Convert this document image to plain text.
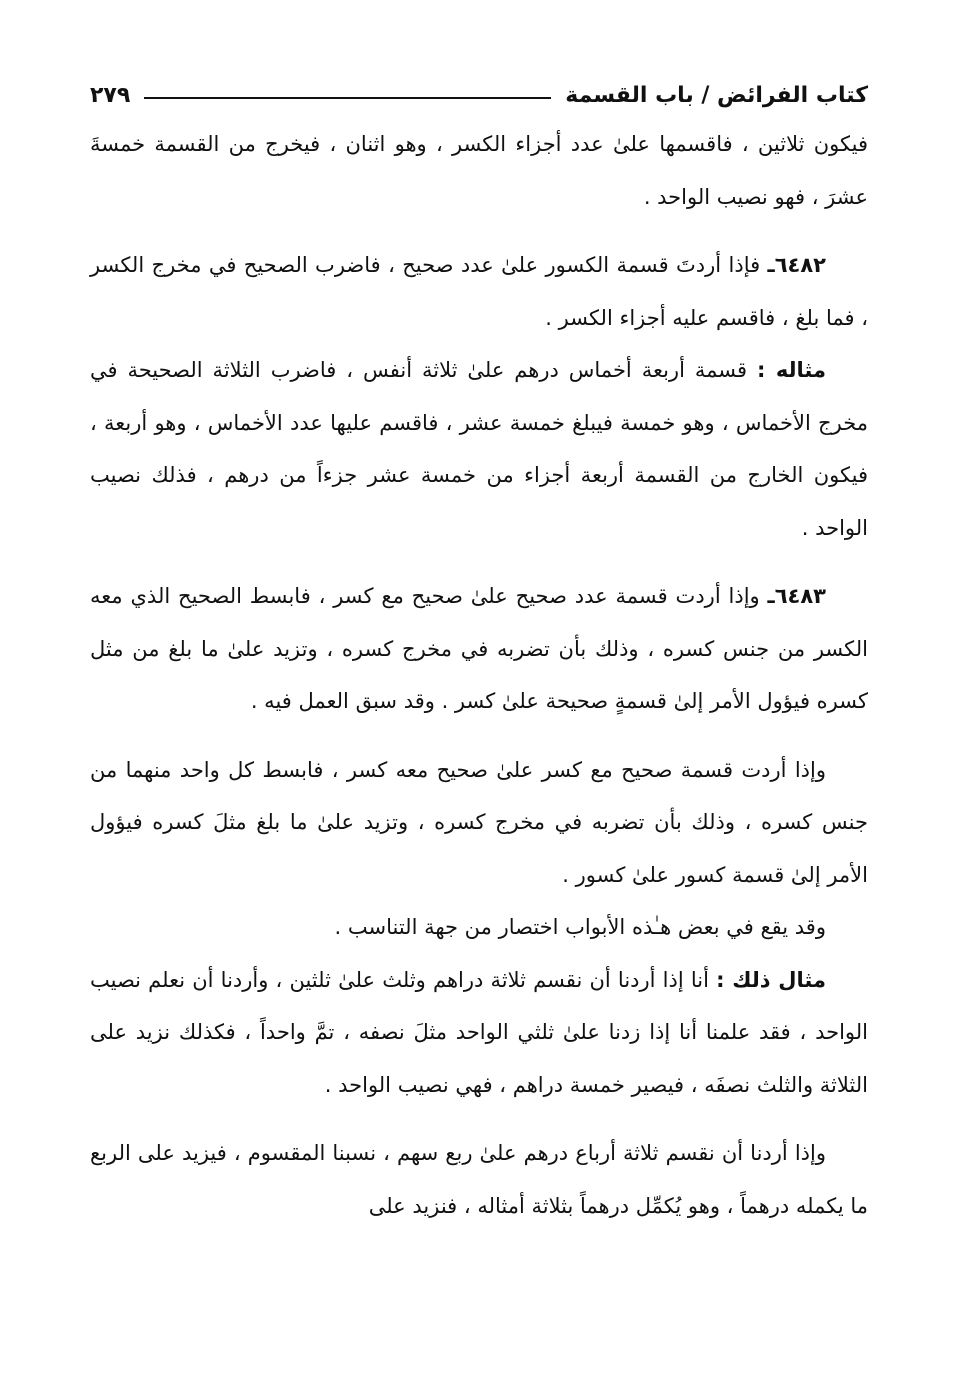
كتاب الفرائض / باب القسمة
٢٧٩

فيكون ثلاثين ، فاقسمها علىٰ عدد أجزاء الكسر ، وهو اثنان ، فيخرج من القسمة خمسةَ عشرَ ، فهو نصيب الواحد .

٦٤٨٢ـ فإذا أردتَ قسمة الكسور علىٰ عدد صحيح ، فاضرب الصحيح في مخرج الكسر ، فما بلغ ، فاقسم عليه أجزاء الكسر .

مثاله : قسمة أربعة أخماس درهم علىٰ ثلاثة أنفس ، فاضرب الثلاثة الصحيحة في مخرج الأخماس ، وهو خمسة فيبلغ خمسة عشر ، فاقسم عليها عدد الأخماس ، وهو أربعة ، فيكون الخارج من القسمة أربعة أجزاء من خمسة عشر جزءاً من درهم ، فذلك نصيب الواحد .

٦٤٨٣ـ وإذا أردت قسمة عدد صحيح علىٰ صحيح مع كسر ، فابسط الصحيح الذي معه الكسر من جنس كسره ، وذلك بأن تضربه في مخرج كسره ، وتزيد علىٰ ما بلغ من مثل كسره فيؤول الأمر إلىٰ قسمةٍ صحيحة علىٰ كسر . وقد سبق العمل فيه .

وإذا أردت قسمة صحيح مع كسر علىٰ صحيح معه كسر ، فابسط كل واحد منهما من جنس كسره ، وذلك بأن تضربه في مخرج كسره ، وتزيد علىٰ ما بلغ مثلَ كسره فيؤول الأمر إلىٰ قسمة كسور علىٰ كسور .

وقد يقع في بعض هـٰذه الأبواب اختصار من جهة التناسب .

مثال ذلك : أنا إذا أردنا أن نقسم ثلاثة دراهم وثلث علىٰ ثلثين ، وأردنا أن نعلم نصيب الواحد ، فقد علمنا أنا إذا زدنا علىٰ ثلثي الواحد مثلَ نصفه ، تمَّ واحداً ، فكذلك نزيد على الثلاثة والثلث نصفَه ، فيصير خمسة دراهم ، فهي نصيب الواحد .

وإذا أردنا أن نقسم ثلاثة أرباع درهم علىٰ ربع سهم ، نسبنا المقسوم ، فيزيد على الربع ما يكمله درهماً ، وهو يُكمِّل درهماً بثلاثة أمثاله ، فنزيد على
